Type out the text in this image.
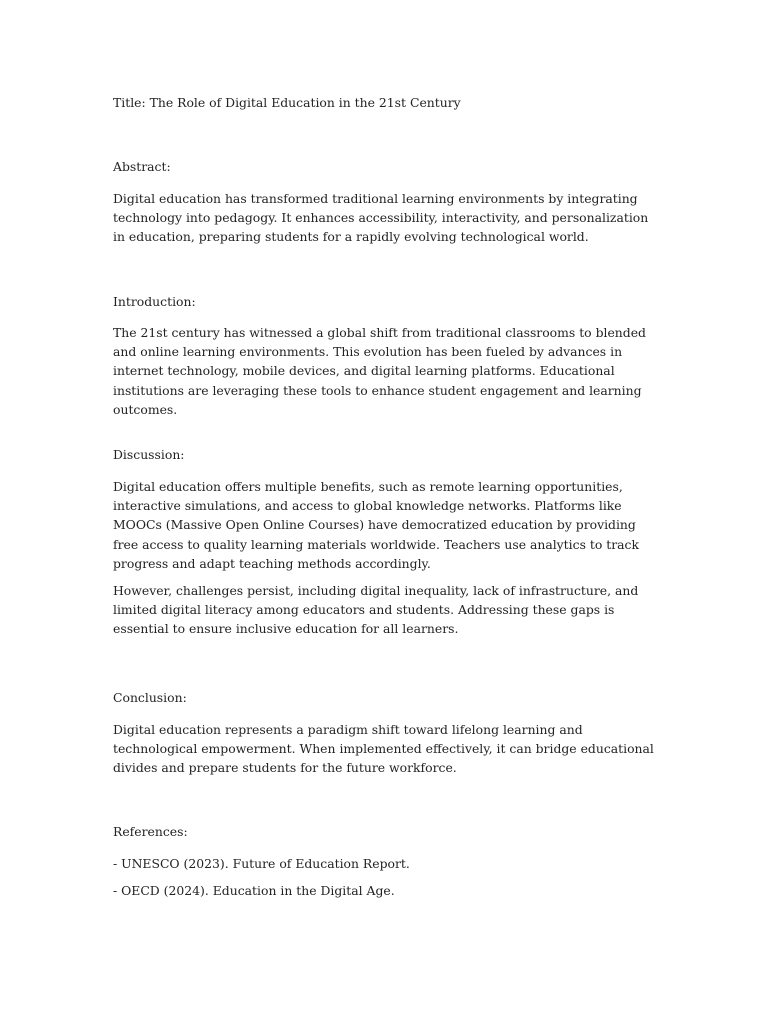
Title: The Role of Digital Education in the 21st Century

Abstract:

Digital education has transformed traditional learning environments by integrating technology into pedagogy. It enhances accessibility, interactivity, and personalization in education, preparing students for a rapidly evolving technological world.

Introduction:

The 21st century has witnessed a global shift from traditional classrooms to blended and online learning environments. This evolution has been fueled by advances in internet technology, mobile devices, and digital learning platforms. Educational institutions are leveraging these tools to enhance student engagement and learning outcomes.

Discussion:

Digital education offers multiple benefits, such as remote learning opportunities, interactive simulations, and access to global knowledge networks. Platforms like MOOCs (Massive Open Online Courses) have democratized education by providing free access to quality learning materials worldwide. Teachers use analytics to track progress and adapt teaching methods accordingly.

However, challenges persist, including digital inequality, lack of infrastructure, and limited digital literacy among educators and students. Addressing these gaps is essential to ensure inclusive education for all learners.

Conclusion:

Digital education represents a paradigm shift toward lifelong learning and technological empowerment. When implemented effectively, it can bridge educational divides and prepare students for the future workforce.

References:

- UNESCO (2023). Future of Education Report.

- OECD (2024). Education in the Digital Age.
